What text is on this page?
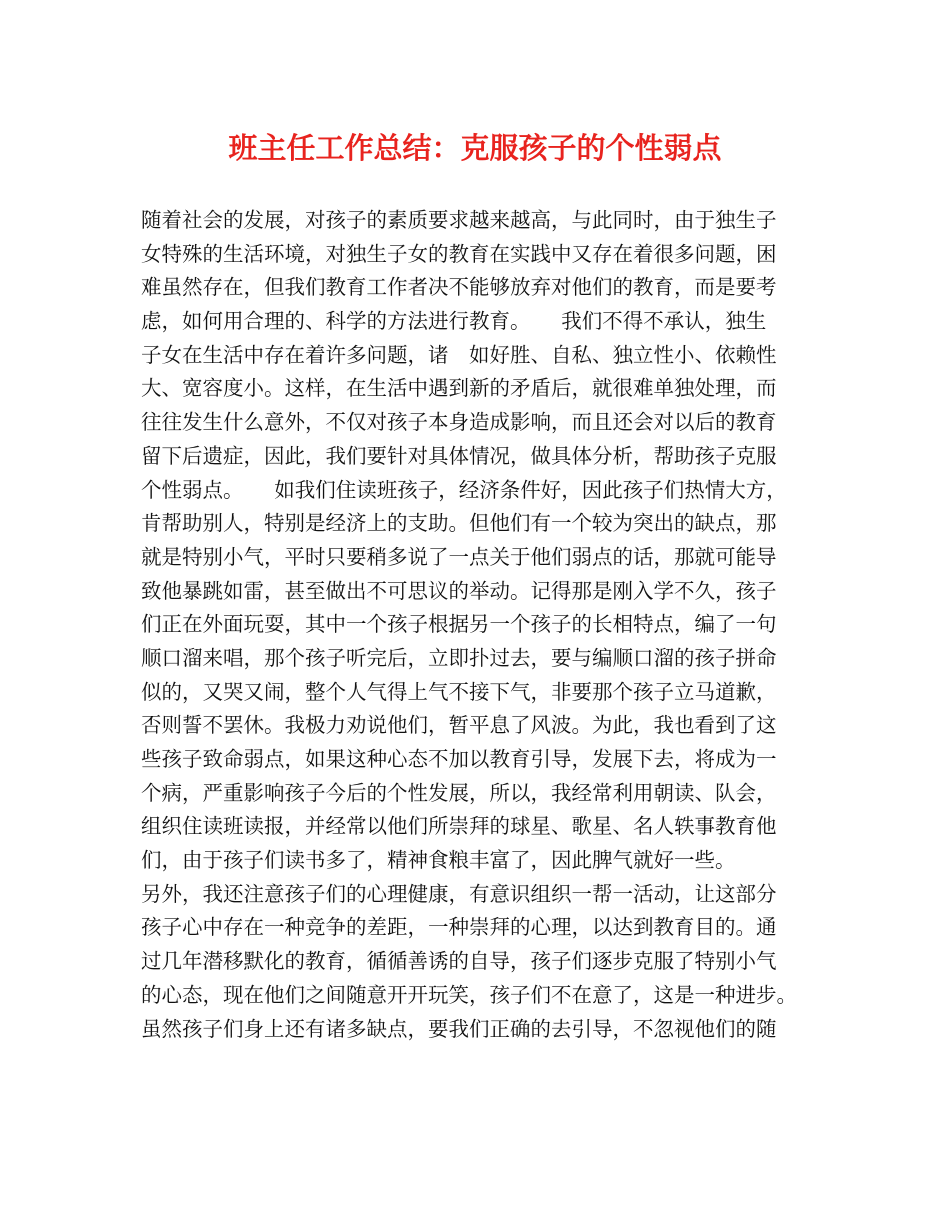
班主任工作总结：克服孩子的个性弱点
随着社会的发展，对孩子的素质要求越来越高，与此同时，由于独生子
女特殊的生活环境，对独生子女的教育在实践中又存在着很多问题，困
难虽然存在，但我们教育工作者决不能够放弃对他们的教育，而是要考
虑，如何用合理的、科学的方法进行教育。　　我们不得不承认，独生
子女在生活中存在着许多问题，诸　如好胜、自私、独立性小、依赖性
大、宽容度小。这样，在生活中遇到新的矛盾后，就很难单独处理，而
往往发生什么意外，不仅对孩子本身造成影响，而且还会对以后的教育
留下后遗症，因此，我们要针对具体情况，做具体分析，帮助孩子克服
个性弱点。　　如我们住读班孩子，经济条件好，因此孩子们热情大方，
肯帮助别人，特别是经济上的支助。但他们有一个较为突出的缺点，那
就是特别小气，平时只要稍多说了一点关于他们弱点的话，那就可能导
致他暴跳如雷，甚至做出不可思议的举动。记得那是刚入学不久，孩子
们正在外面玩耍，其中一个孩子根据另一个孩子的长相特点，编了一句
顺口溜来唱，那个孩子听完后，立即扑过去，要与编顺口溜的孩子拼命
似的，又哭又闹，整个人气得上气不接下气，非要那个孩子立马道歉，
否则誓不罢休。我极力劝说他们，暂平息了风波。为此，我也看到了这
些孩子致命弱点，如果这种心态不加以教育引导，发展下去，将成为一
个病，严重影响孩子今后的个性发展，所以，我经常利用朝读、队会，
组织住读班读报，并经常以他们所崇拜的球星、歌星、名人轶事教育他
们，由于孩子们读书多了，精神食粮丰富了，因此脾气就好一些。
另外，我还注意孩子们的心理健康，有意识组织一帮一活动，让这部分
孩子心中存在一种竞争的差距，一种崇拜的心理，以达到教育目的。通
过几年潜移默化的教育，循循善诱的自导，孩子们逐步克服了特别小气
的心态，现在他们之间随意开开玩笑，孩子们不在意了，这是一种进步。
虽然孩子们身上还有诸多缺点，要我们正确的去引导，不忽视他们的随
